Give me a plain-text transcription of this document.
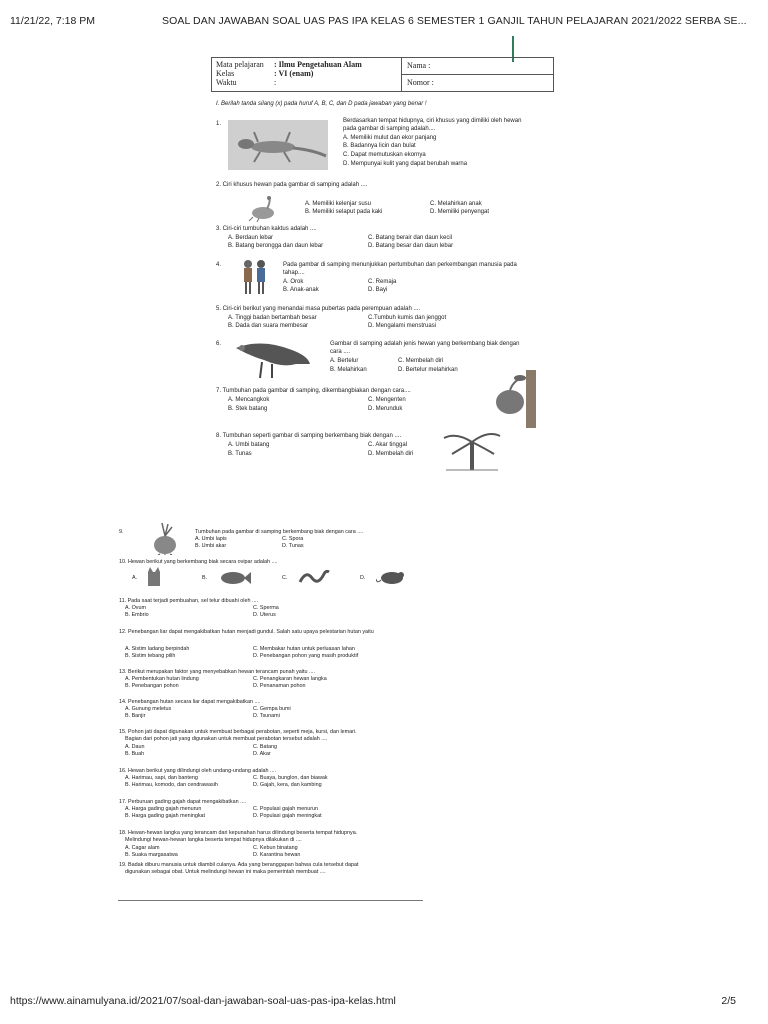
11/21/22, 7:18 PM	SOAL DAN JAWABAN SOAL UAS PAS IPA KELAS 6 SEMESTER 1 GANJIL TAHUN PELAJARAN 2021/2022 SERBA SE...
Mata pelajaran : Ilmu Pengetahuan Alam
Kelas	: VI (enam)
Waktu	:
Nama :
Nomor :
I. Berilah tanda silang (x) pada huruf A, B, C, dan D pada jawaban yang benar !
1.	Berdasarkan tempat hidupnya, ciri khusus yang dimiliki oleh hewan
pada gambar di samping adalah....
A. Memiliki mulut dan ekor panjang
B. Badannya licin dan bulat
C. Dapat memutuskan ekornya
D. Mempunyai kulit yang dapat berubah warna
2. Ciri khusus hewan pada gambar di samping adalah ....
A. Memiliki kelenjar susu	C. Melahirkan anak
B. Memiliki selaput pada kaki	D. Memiliki penyengat
3. Ciri-ciri tumbuhan kaktus adalah ....
A. Berdaun lebar	C. Batang berair dan daun kecil
B. Batang berongga dan daun lebar	D. Batang besar dan daun lebar
4.	Pada gambar di samping menunjukkan pertumbuhan dan perkembangan manusia pada
tahap....
A. Orok	C. Remaja
B. Anak-anak	D. Bayi
5. Ciri-ciri berikut yang menandai masa pubertas pada perempuan adalah ....
A. Tinggi badan bertambah besar	C.Tumbuh kumis dan jenggot
B. Dada dan suara membesar	D. Mengalami menstruasi
6.	Gambar di samping adalah jenis hewan yang berkembang biak dengan
cara ....
A. Bertelur	C. Membelah diri
B. Melahirkan	D. Bertelur melahirkan
7. Tumbuhan pada gambar di samping, dikembangbiakan dengan cara....
A. Mencangkok	C. Mengenten
B. Stek batang	D. Merunduk
8. Tumbuhan seperti gambar di samping berkembang biak dengan ....
A. Umbi batang	C. Akar tinggal
B. Tunas	D. Membelah diri
9.	Tumbuhan pada gambar di samping berkembang biak dengan cara ....
A. Umbi lapis	C. Spora
B. Umbi akar	D. Tunas
10. Hewan berikut yang berkembang biak secara ovipar adalah ....
A.	B.	C.	D.
11. Pada saat terjadi pembuahan, sel telur dibuahi oleh ....
A. Ovum	C. Sperma
B. Embrio	D. Uterus
12. Penebangan liar dapat mengakibatkan hutan menjadi gundul. Salah satu upaya pelestarian hutan yaitu
A. Sistim ladang berpindah	C. Membakar hutan untuk perluasan lahan
B. Sistim tebang pilih	D. Penebangan pohon yang masih produktif
13. Berikut merupakan faktor yang menyebabkan hewan terancam punah yaitu ....
A. Pembentukan hutan lindung	C. Penangkaran hewan langka
B. Penebangan pohon	D. Penanaman pohon
14. Penebangan hutan secara liar dapat mengakibatkan ....
A. Gunung meletus	C. Gempa bumi
B. Banjir	D. Tsunami
15. Pohon jati dapat digunakan untuk membuat berbagai perabotan, seperti meja, kursi, dan lemari.
Bagian dari pohon jati yang digunakan untuk membuat perabotan tersebut adalah ....
A. Daun	C. Batang
B. Buah	D. Akar
16. Hewan berikut yang dilindungi oleh undang-undang adalah ....
A. Harimau, sapi, dan banteng	C. Buaya, bunglon, dan biawak
B. Harimau, komodo, dan cendrawasih	D. Gajah, kera, dan kambing
17. Perburuan gading gajah dapat mengakibatkan ....
A. Harga gading gajah menurun	C. Populasi gajah menurun
B. Harga gading gajah meningkat	D. Populasi gajah meningkat
18. Hewan-hewan langka yang terancam dari kepunahan harus dilindungi beserta tempat hidupnya.
Melindungi hewan-hewan langka beserta tempat hidupnya dilakukan di ....
A. Cagar alam	C. Kebun binatang
B. Suaka margasatwa	D. Karantina hewan
19. Badak diburu manusia untuk diambil culanya. Ada yang beranggapan bahwa cula tersebut dapat
digunakan sebagai obat. Untuk melindungi hewan ini maka pemerintah membuat ....
https://www.ainamulyana.id/2021/07/soal-dan-jawaban-soal-uas-pas-ipa-kelas.html	2/5
